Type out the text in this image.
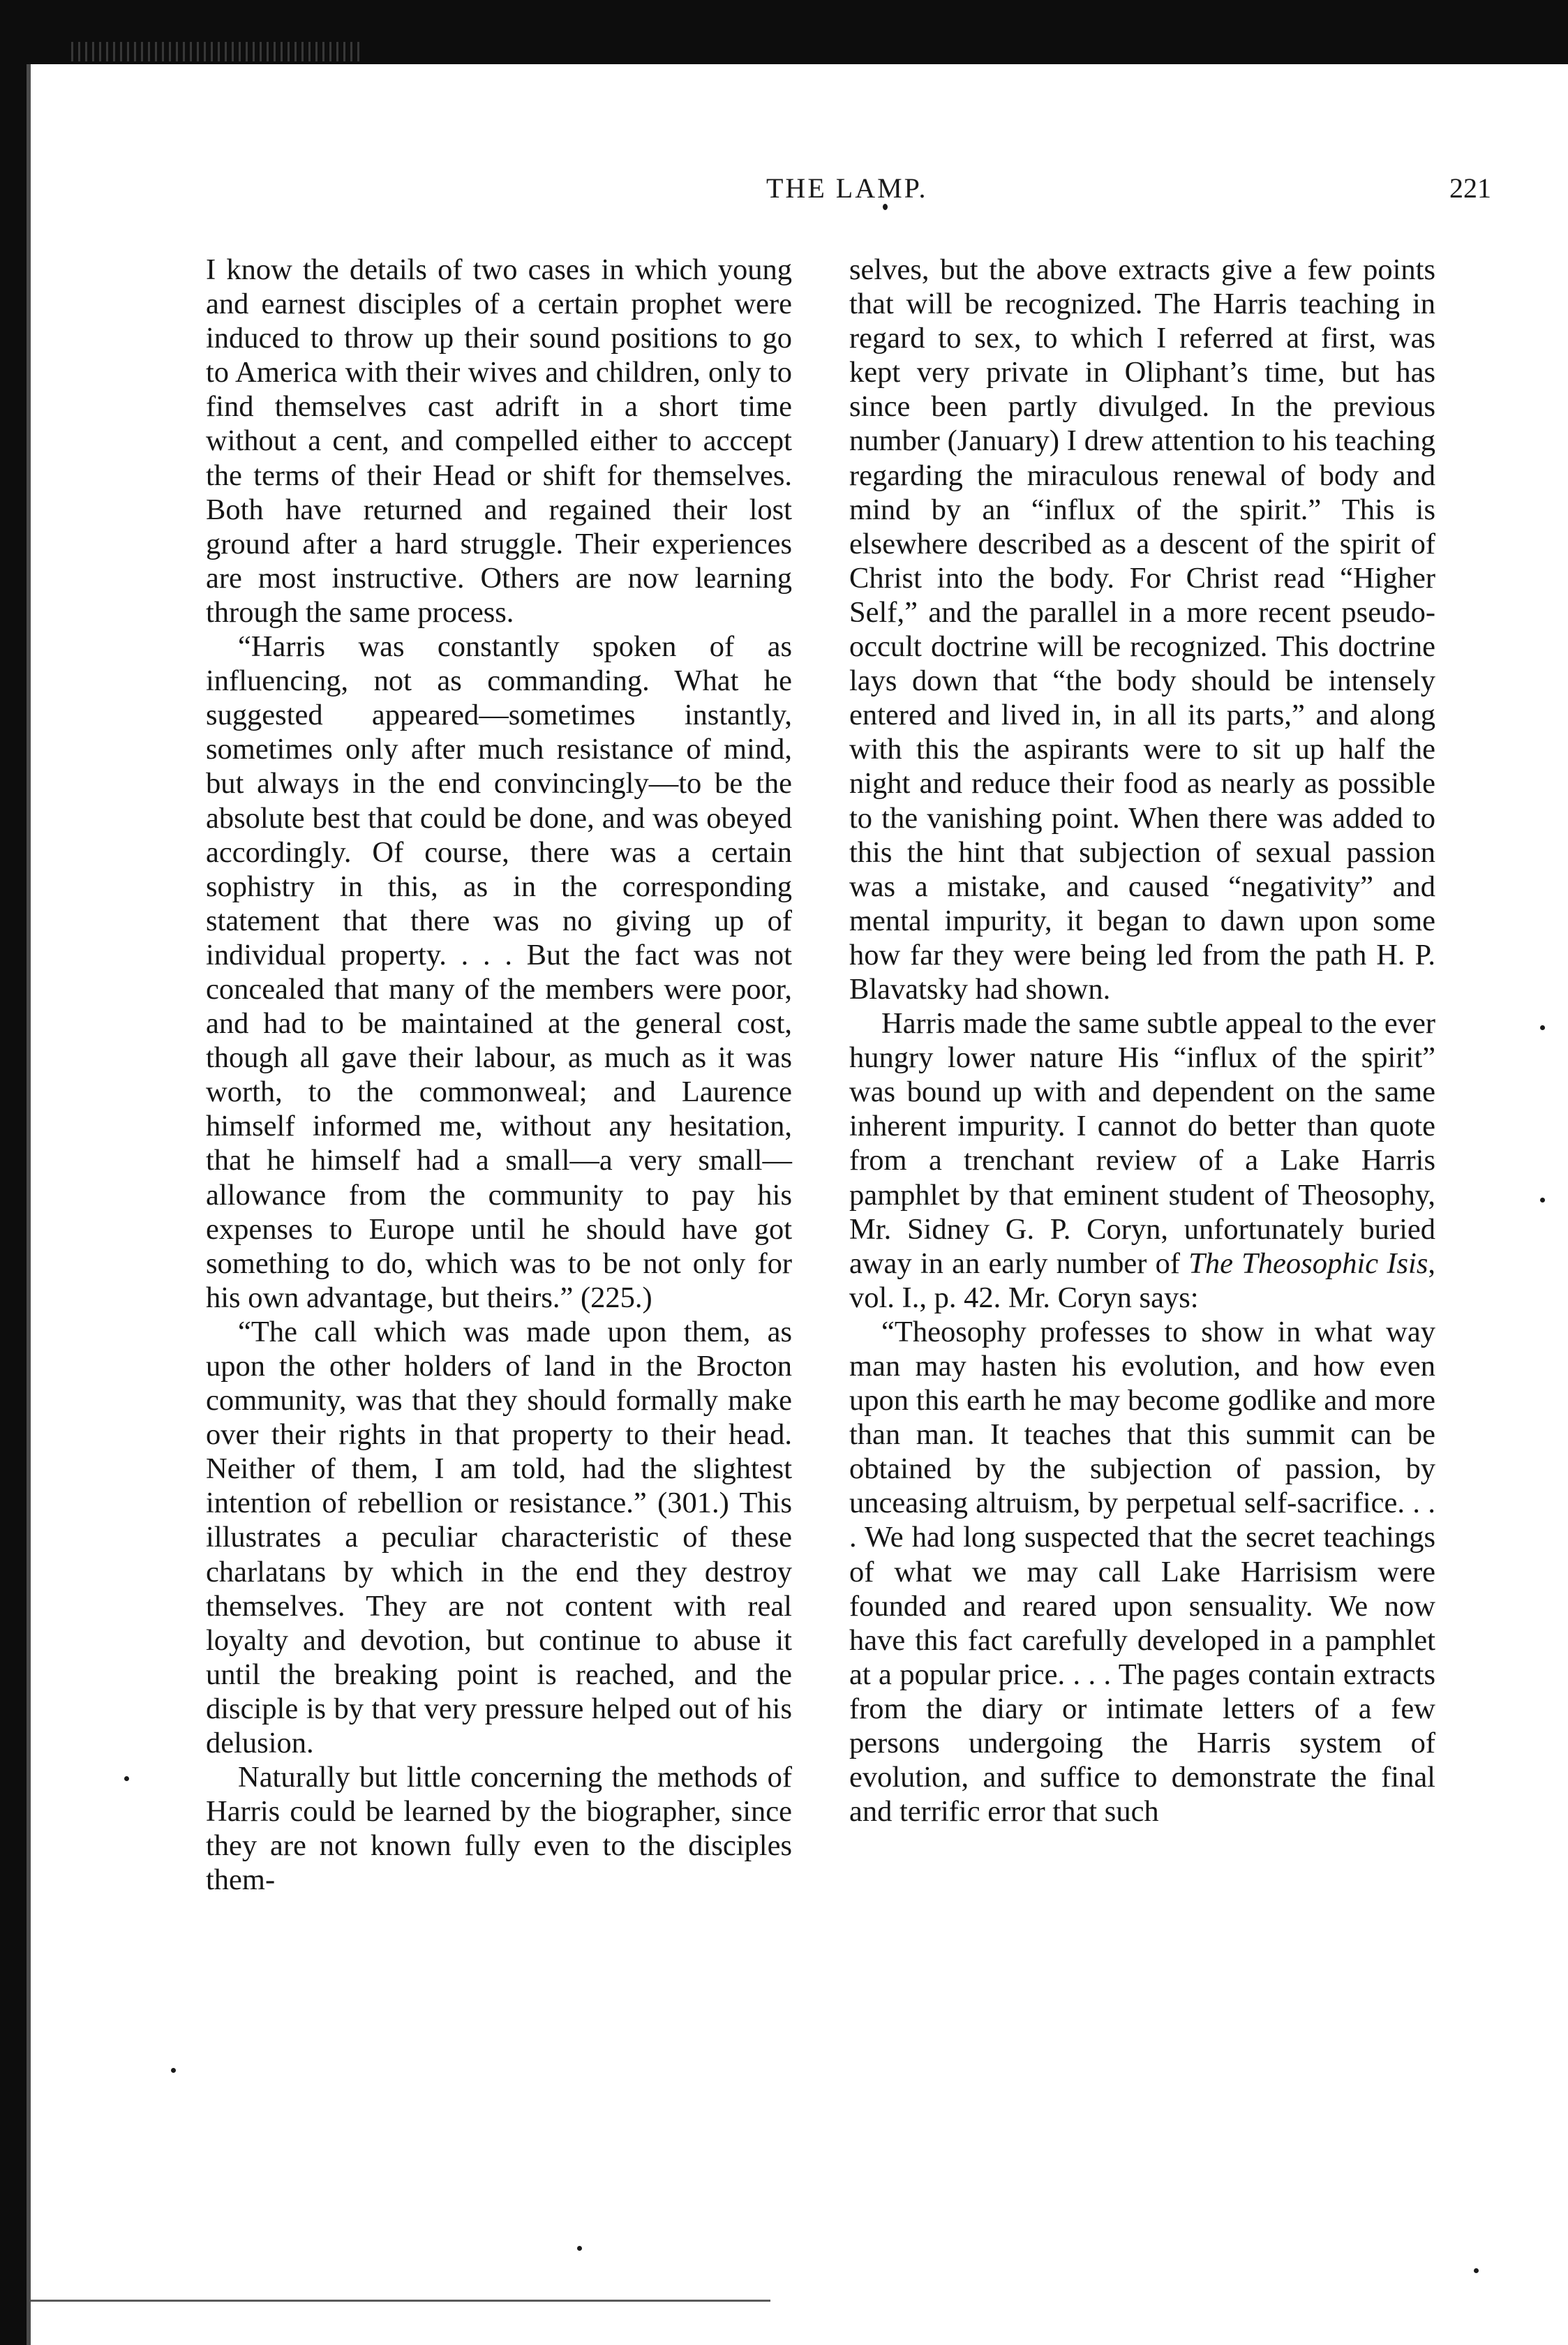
THE LAMP.	221

I know the details of two cases in which young and earnest disciples of a certain prophet were induced to throw up their sound positions to go to America with their wives and children, only to find themselves cast adrift in a short time without a cent, and compelled either to acccept the terms of their Head or shift for themselves. Both have returned and regained their lost ground after a hard struggle. Their experiences are most instructive. Others are now learning through the same process.

“Harris was constantly spoken of as influencing, not as commanding. What he suggested appeared—sometimes instantly, sometimes only after much resistance of mind, but always in the end convincingly—to be the absolute best that could be done, and was obeyed accordingly. Of course, there was a certain sophistry in this, as in the corresponding statement that there was no giving up of individual property. . . . But the fact was not concealed that many of the members were poor, and had to be maintained at the general cost, though all gave their labour, as much as it was worth, to the commonweal; and Laurence himself informed me, without any hesitation, that he himself had a small—a very small—allowance from the community to pay his expenses to Europe until he should have got something to do, which was to be not only for his own advantage, but theirs.” (225.)

“The call which was made upon them, as upon the other holders of land in the Brocton community, was that they should formally make over their rights in that property to their head. Neither of them, I am told, had the slightest intention of rebellion or resistance.” (301.) This illustrates a peculiar characteristic of these charlatans by which in the end they destroy themselves. They are not content with real loyalty and devotion, but continue to abuse it until the breaking point is reached, and the disciple is by that very pressure helped out of his delusion.

Naturally but little concerning the methods of Harris could be learned by the biographer, since they are not known fully even to the disciples them-

selves, but the above extracts give a few points that will be recognized. The Harris teaching in regard to sex, to which I referred at first, was kept very private in Oliphant’s time, but has since been partly divulged. In the previous number (January) I drew attention to his teaching regarding the miraculous renewal of body and mind by an “influx of the spirit.” This is elsewhere described as a descent of the spirit of Christ into the body. For Christ read “Higher Self,” and the parallel in a more recent pseudo-occult doctrine will be recognized. This doctrine lays down that “the body should be intensely entered and lived in, in all its parts,” and along with this the aspirants were to sit up half the night and reduce their food as nearly as possible to the vanishing point. When there was added to this the hint that subjection of sexual passion was a mistake, and caused “negativity” and mental impurity, it began to dawn upon some how far they were being led from the path H. P. Blavatsky had shown.

Harris made the same subtle appeal to the ever hungry lower nature His “influx of the spirit” was bound up with and dependent on the same inherent impurity. I cannot do better than quote from a trenchant review of a Lake Harris pamphlet by that eminent student of Theosophy, Mr. Sidney G. P. Coryn, unfortunately buried away in an early number of The Theosophic Isis, vol. I., p. 42. Mr. Coryn says:

“Theosophy professes to show in what way man may hasten his evolution, and how even upon this earth he may become godlike and more than man. It teaches that this summit can be obtained by the subjection of passion, by unceasing altruism, by perpetual self-sacrifice. . . . We had long suspected that the secret teachings of what we may call Lake Harrisism were founded and reared upon sensuality. We now have this fact carefully developed in a pamphlet at a popular price. . . . The pages contain extracts from the diary or intimate letters of a few persons undergoing the Harris system of evolution, and suffice to demonstrate the final and terrific error that such
